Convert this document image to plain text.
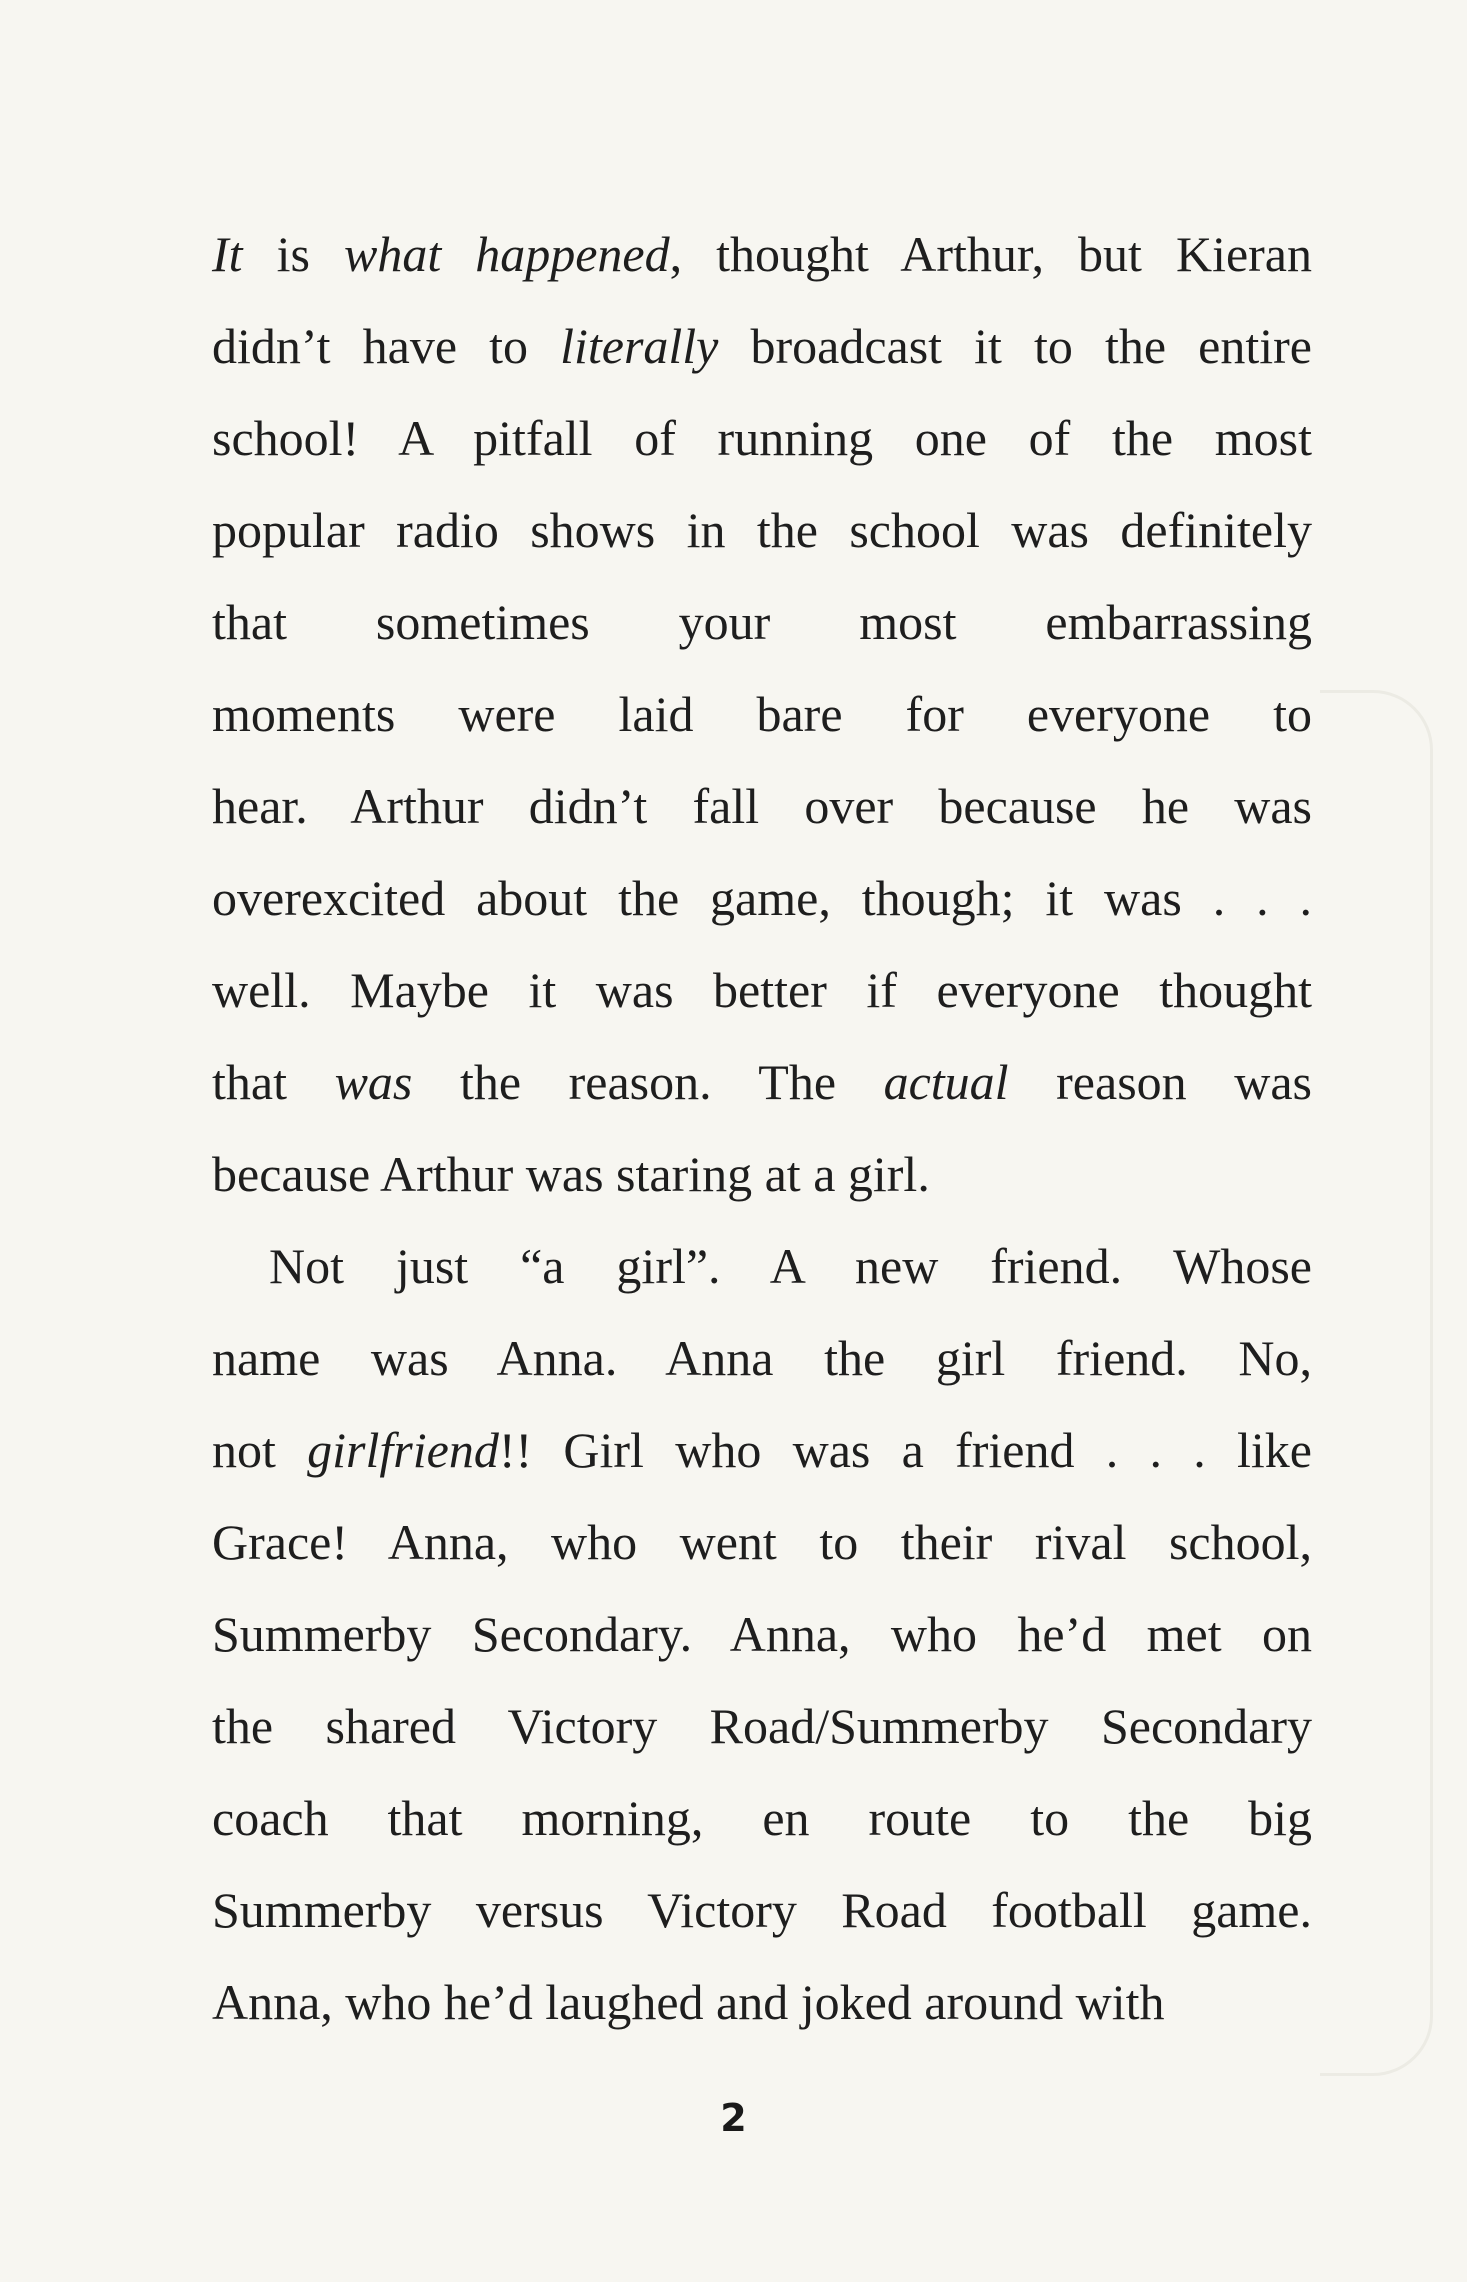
It is what happened, thought Arthur, but Kieran
didn’t have to literally broadcast it to the entire
school! A pitfall of running one of the most
popular radio shows in the school was definitely
that sometimes your most embarrassing
moments were laid bare for everyone to
hear. Arthur didn’t fall over because he was
overexcited about the game, though; it was . . .
well. Maybe it was better if everyone thought
that was the reason. The actual reason was
because Arthur was staring at a girl.
Not just “a girl”. A new friend. Whose
name was Anna. Anna the girl friend. No,
not girlfriend!! Girl who was a friend . . . like
Grace! Anna, who went to their rival school,
Summerby Secondary. Anna, who he’d met on
the shared Victory Road/Summerby Secondary
coach that morning, en route to the big
Summerby versus Victory Road football game.
Anna, who he’d laughed and joked around with
2
